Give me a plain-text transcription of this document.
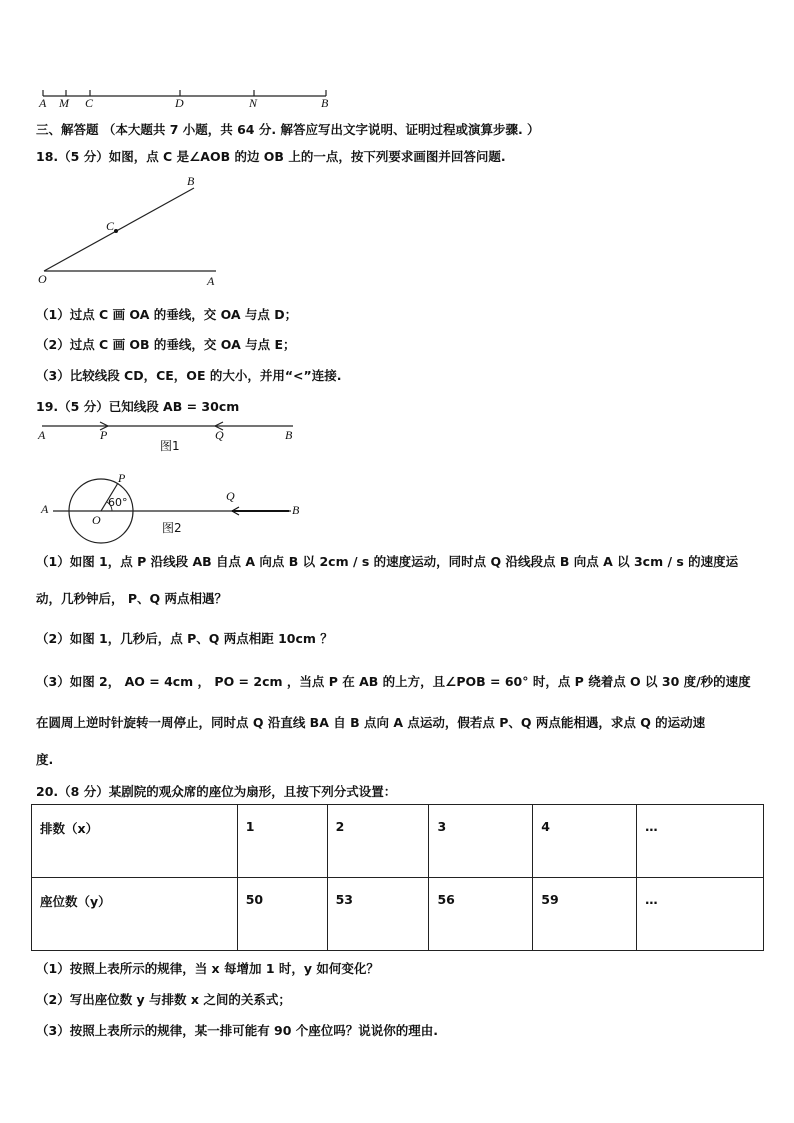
A M C	D	N	B
三、解答题 （本大题共 7 小题，共 64 分. 解答应写出文字说明、证明过程或演算步骤. ）
18.（5 分）如图，点 C 是∠AOB 的边 OB 上的一点，按下列要求画图并回答问题.
B
C
O	A
（1）过点 C 画 OA 的垂线，交 OA 与点 D；
（2）过点 C 画 OB 的垂线，交 OA 与点 E；
（3）比较线段 CD，CE，OE 的大小，并用“<”连接.
19.（5 分）已知线段 AB = 30cm
A	P	Q	B
图1
A
P
60°
O
Q
B
图2
（1）如图 1，点 P 沿线段 AB 自点 A 向点 B 以 2cm / s 的速度运动，同时点 Q 沿线段点 B 向点 A 以 3cm / s 的速度运
动，几秒钟后， P、Q 两点相遇？
（2）如图 1，几秒后，点 P、Q 两点相距 10cm ？
（3）如图 2， AO = 4cm ， PO = 2cm ，当点 P 在 AB 的上方，且∠POB = 60° 时，点 P 绕着点 O 以 30 度/秒的速度
在圆周上逆时针旋转一周停止，同时点 Q 沿直线 BA 自 B 点向 A 点运动，假若点 P、Q 两点能相遇，求点 Q 的运动速
度.
20.（8 分）某剧院的观众席的座位为扇形，且按下列分式设置：
排数（x）	1	2	3	4	…
座位数（y）	50	53	56	59	…
（1）按照上表所示的规律，当 x 每增加 1 时，y 如何变化？
（2）写出座位数 y 与排数 x 之间的关系式；
（3）按照上表所示的规律，某一排可能有 90 个座位吗？说说你的理由.
